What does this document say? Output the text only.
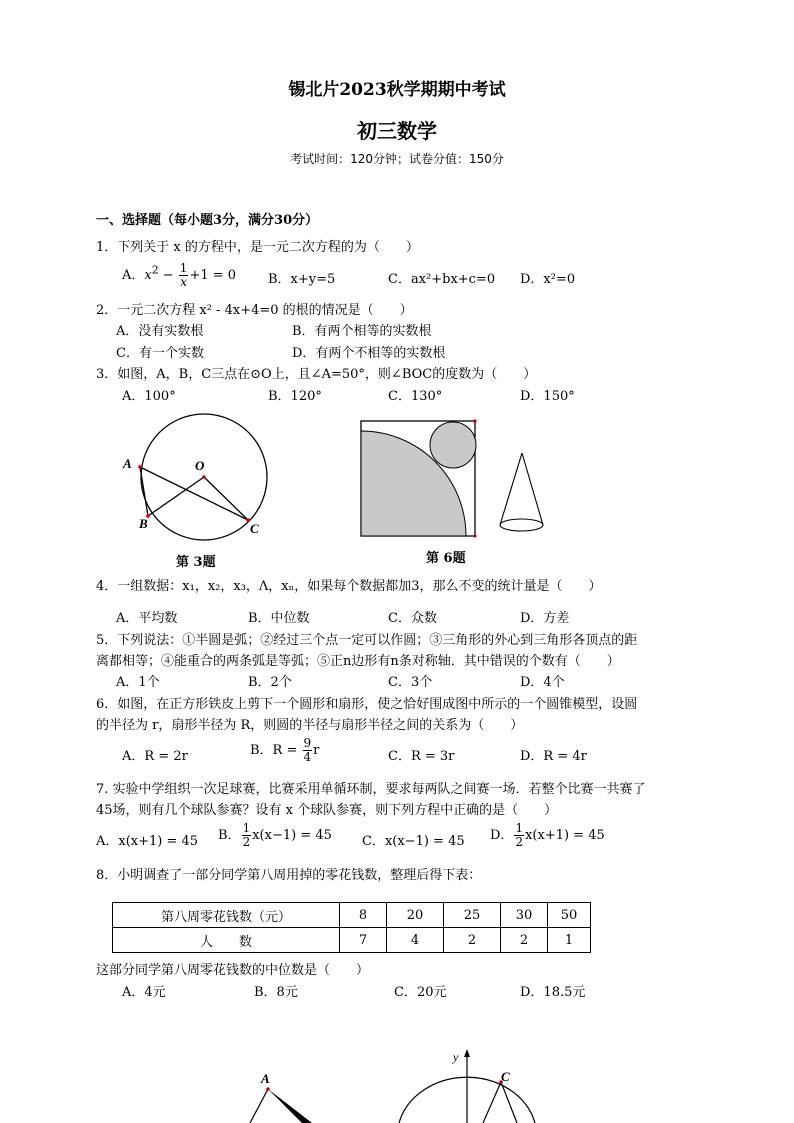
锡北片2023秋学期期中考试
初三数学
考试时间：120分钟；试卷分值：150分
一、选择题（每小题3分，满分30分）
1．下列关于 x 的方程中，是一元二次方程的为（　　）
A．$x^2 - \frac{1}{x} +1 = 0$ B．x+y=5	C．ax²+bx+c=0 D．x²=0
2．一元二次方程 x² - 4x+4=0 的根的情况是（　　）
A．没有实数根	B．有两个相等的实数根
C．有一个实数	D．有两个不相等的实数根
3．如图，A，B，C三点在⊙O上，且∠A=50°，则∠BOC的度数为（　　）
A．100°	B．120°	C．130°	D．150°
A
B	C
O
第 3题	第 6题
4．一组数据：x₁，x₂，x₃，Λ，xₙ，如果每个数据都加3，那么不变的统计量是（　　）
A．平均数	B．中位数	C．众数	D．方差
5．下列说法：①半圆是弧；②经过三个点一定可以作圆；③三角形的外心到三角形各顶点的距
离都相等；④能重合的两条弧是等弧；⑤正n边形有n条对称轴．其中错误的个数有（　　）
A．1个	B．2个	C．3个	D．4个
6．如图，在正方形铁皮上剪下一个圆形和扇形，使之恰好围成图中所示的一个圆锥模型，设圆
的半径为 r，扇形半径为 R，则圆的半径与扇形半径之间的关系为（　　）
A．R = 2r	B．$R = \frac{9}{4}$ r	C．R = 3r	D．R = 4r
7. 实验中学组织一次足球赛，比赛采用单循环制，要求每两队之间赛一场．若整个比赛一共赛了
45场，则有几个球队参赛？设有 x 个球队参赛，则下列方程中正确的是（　　）
A．x(x+1) = 45 B． $\frac{1}{2} x(x-1) = 45$ C．x(x−1) = 45 D． $\frac{1}{2} x(x+1) = 45$
8．小明调查了一部分同学第八周用掉的零花钱数，整理后得下表：
第八周零花钱数（元）	8	20	25	30	50
人　　数	7	4	2	2	1
这部分同学第八周零花钱数的中位数是（　　）
A．4元	B．8元	C．20元	D．18.5元
A
y
C
